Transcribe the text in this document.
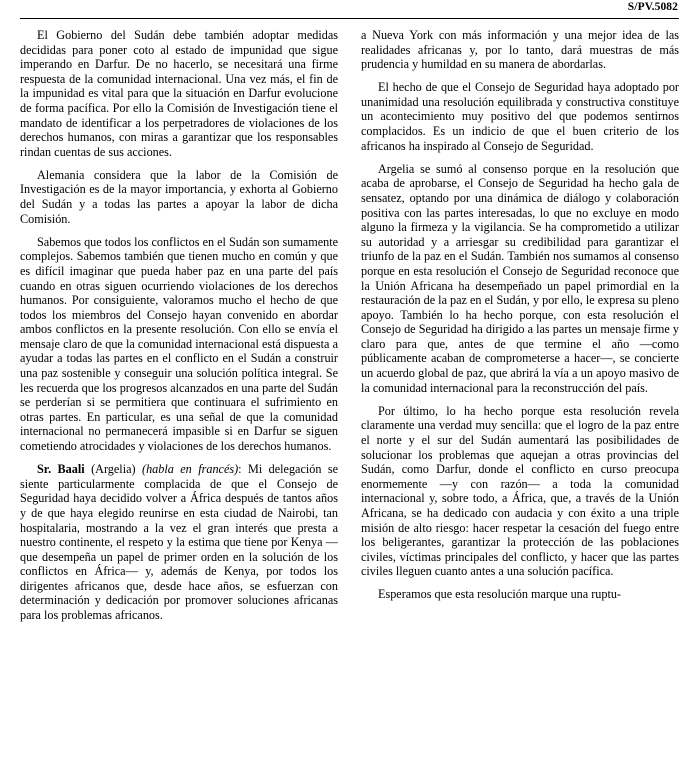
S/PV.5082

El Gobierno del Sudán debe también adoptar medidas decididas para poner coto al estado de impunidad que sigue imperando en Darfur. De no hacerlo, se necesitará una firme respuesta de la comunidad internacional. Una vez más, el fin de la impunidad es vital para que la situación en Darfur evolucione de forma pacífica. Por ello la Comisión de Investigación tiene el mandato de identificar a los perpetradores de violaciones de los derechos humanos, con miras a garantizar que los responsables rindan cuentas de sus acciones.

Alemania considera que la labor de la Comisión de Investigación es de la mayor importancia, y exhorta al Gobierno del Sudán y a todas las partes a apoyar la labor de dicha Comisión.

Sabemos que todos los conflictos en el Sudán son sumamente complejos. Sabemos también que tienen mucho en común y que es difícil imaginar que pueda haber paz en una parte del país cuando en otras siguen ocurriendo violaciones de los derechos humanos. Por consiguiente, valoramos mucho el hecho de que todos los miembros del Consejo hayan convenido en abordar ambos conflictos en la presente resolución. Con ello se envía el mensaje claro de que la comunidad internacional está dispuesta a ayudar a todas las partes en el conflicto en el Sudán a construir una paz sostenible y conseguir una solución política integral. Se les recuerda que los progresos alcanzados en una parte del Sudán se perderían si se permitiera que continuara el sufrimiento en otras partes. En particular, es una señal de que la comunidad internacional no permanecerá impasible si en Darfur se siguen cometiendo atrocidades y violaciones de los derechos humanos.

Sr. Baali (Argelia) (habla en francés): Mi delegación se siente particularmente complacida de que el Consejo de Seguridad haya decidido volver a África después de tantos años y de que haya elegido reunirse en esta ciudad de Nairobi, tan hospitalaria, mostrando a la vez el gran interés que presta a nuestro continente, el respeto y la estima que tiene por Kenya —que desempeña un papel de primer orden en la solución de los conflictos en África— y, además de Kenya, por todos los dirigentes africanos que, desde hace años, se esfuerzan con determinación y dedicación por promover soluciones africanas para los problemas africanos.

a Nueva York con más información y una mejor idea de las realidades africanas y, por lo tanto, dará muestras de más prudencia y humildad en su manera de abordarlas.

El hecho de que el Consejo de Seguridad haya adoptado por unanimidad una resolución equilibrada y constructiva constituye un acontecimiento muy positivo del que podemos sentirnos complacidos. Es un indicio de que el buen criterio de los africanos ha inspirado al Consejo de Seguridad.

Argelia se sumó al consenso porque en la resolución que acaba de aprobarse, el Consejo de Seguridad ha hecho gala de sensatez, optando por una dinámica de diálogo y colaboración positiva con las partes interesadas, lo que no excluye en modo alguno la firmeza y la vigilancia. Se ha comprometido a utilizar su autoridad y a arriesgar su credibilidad para garantizar el triunfo de la paz en el Sudán. También nos sumamos al consenso porque en esta resolución el Consejo de Seguridad reconoce que la Unión Africana ha desempeñado un papel primordial en la restauración de la paz en el Sudán, y por ello, le expresa su pleno apoyo. También lo ha hecho porque, con esta resolución el Consejo de Seguridad ha dirigido a las partes un mensaje firme y claro para que, antes de que termine el año —como públicamente acaban de comprometerse a hacer—, se concierte un acuerdo global de paz, que abrirá la vía a un apoyo masivo de la comunidad internacional para la reconstrucción del país.

Por último, lo ha hecho porque esta resolución revela claramente una verdad muy sencilla: que el logro de la paz entre el norte y el sur del Sudán aumentará las posibilidades de solucionar los problemas que aquejan a otras provincias del Sudán, como Darfur, donde el conflicto en curso preocupa enormemente —y con razón— a toda la comunidad internacional y, sobre todo, a África, que, a través de la Unión Africana, se ha dedicado con audacia y con éxito a una triple misión de alto riesgo: hacer respetar la cesación del fuego entre los beligerantes, garantizar la protección de las poblaciones civiles, víctimas principales del conflicto, y hacer que las partes civiles lleguen cuanto antes a una solución pacífica.

Esperamos que esta resolución marque una ruptu-
